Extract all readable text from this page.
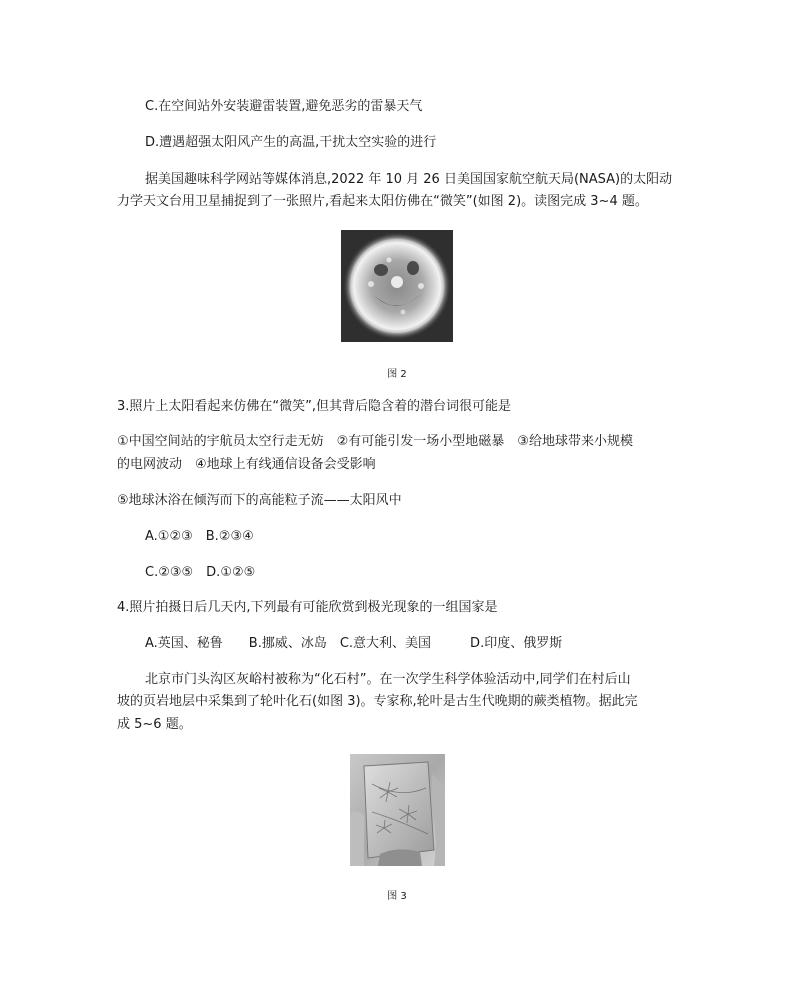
C.在空间站外安装避雷装置,避免恶劣的雷暴天气
D.遭遇超强太阳风产生的高温,干扰太空实验的进行
据美国趣味科学网站等媒体消息,2022 年 10 月 26 日美国国家航空航天局(NASA)的太阳动
力学天文台用卫星捕捉到了一张照片,看起来太阳仿佛在“微笑”(如图 2)。读图完成 3~4 题。
图 2
3.照片上太阳看起来仿佛在“微笑”,但其背后隐含着的潜台词很可能是
①中国空间站的宇航员太空行走无妨　②有可能引发一场小型地磁暴　③给地球带来小规模
的电网波动　④地球上有线通信设备会受影响
⑤地球沐浴在倾泻而下的高能粒子流——太阳风中
A.①②③　B.②③④
C.②③⑤　D.①②⑤
4.照片拍摄日后几天内,下列最有可能欣赏到极光现象的一组国家是
A.英国、秘鲁　　B.挪威、冰岛　C.意大利、美国　　　D.印度、俄罗斯
北京市门头沟区灰峪村被称为“化石村”。在一次学生科学体验活动中,同学们在村后山
坡的页岩地层中采集到了轮叶化石(如图 3)。专家称,轮叶是古生代晚期的蕨类植物。据此完
成 5~6 题。
图 3
